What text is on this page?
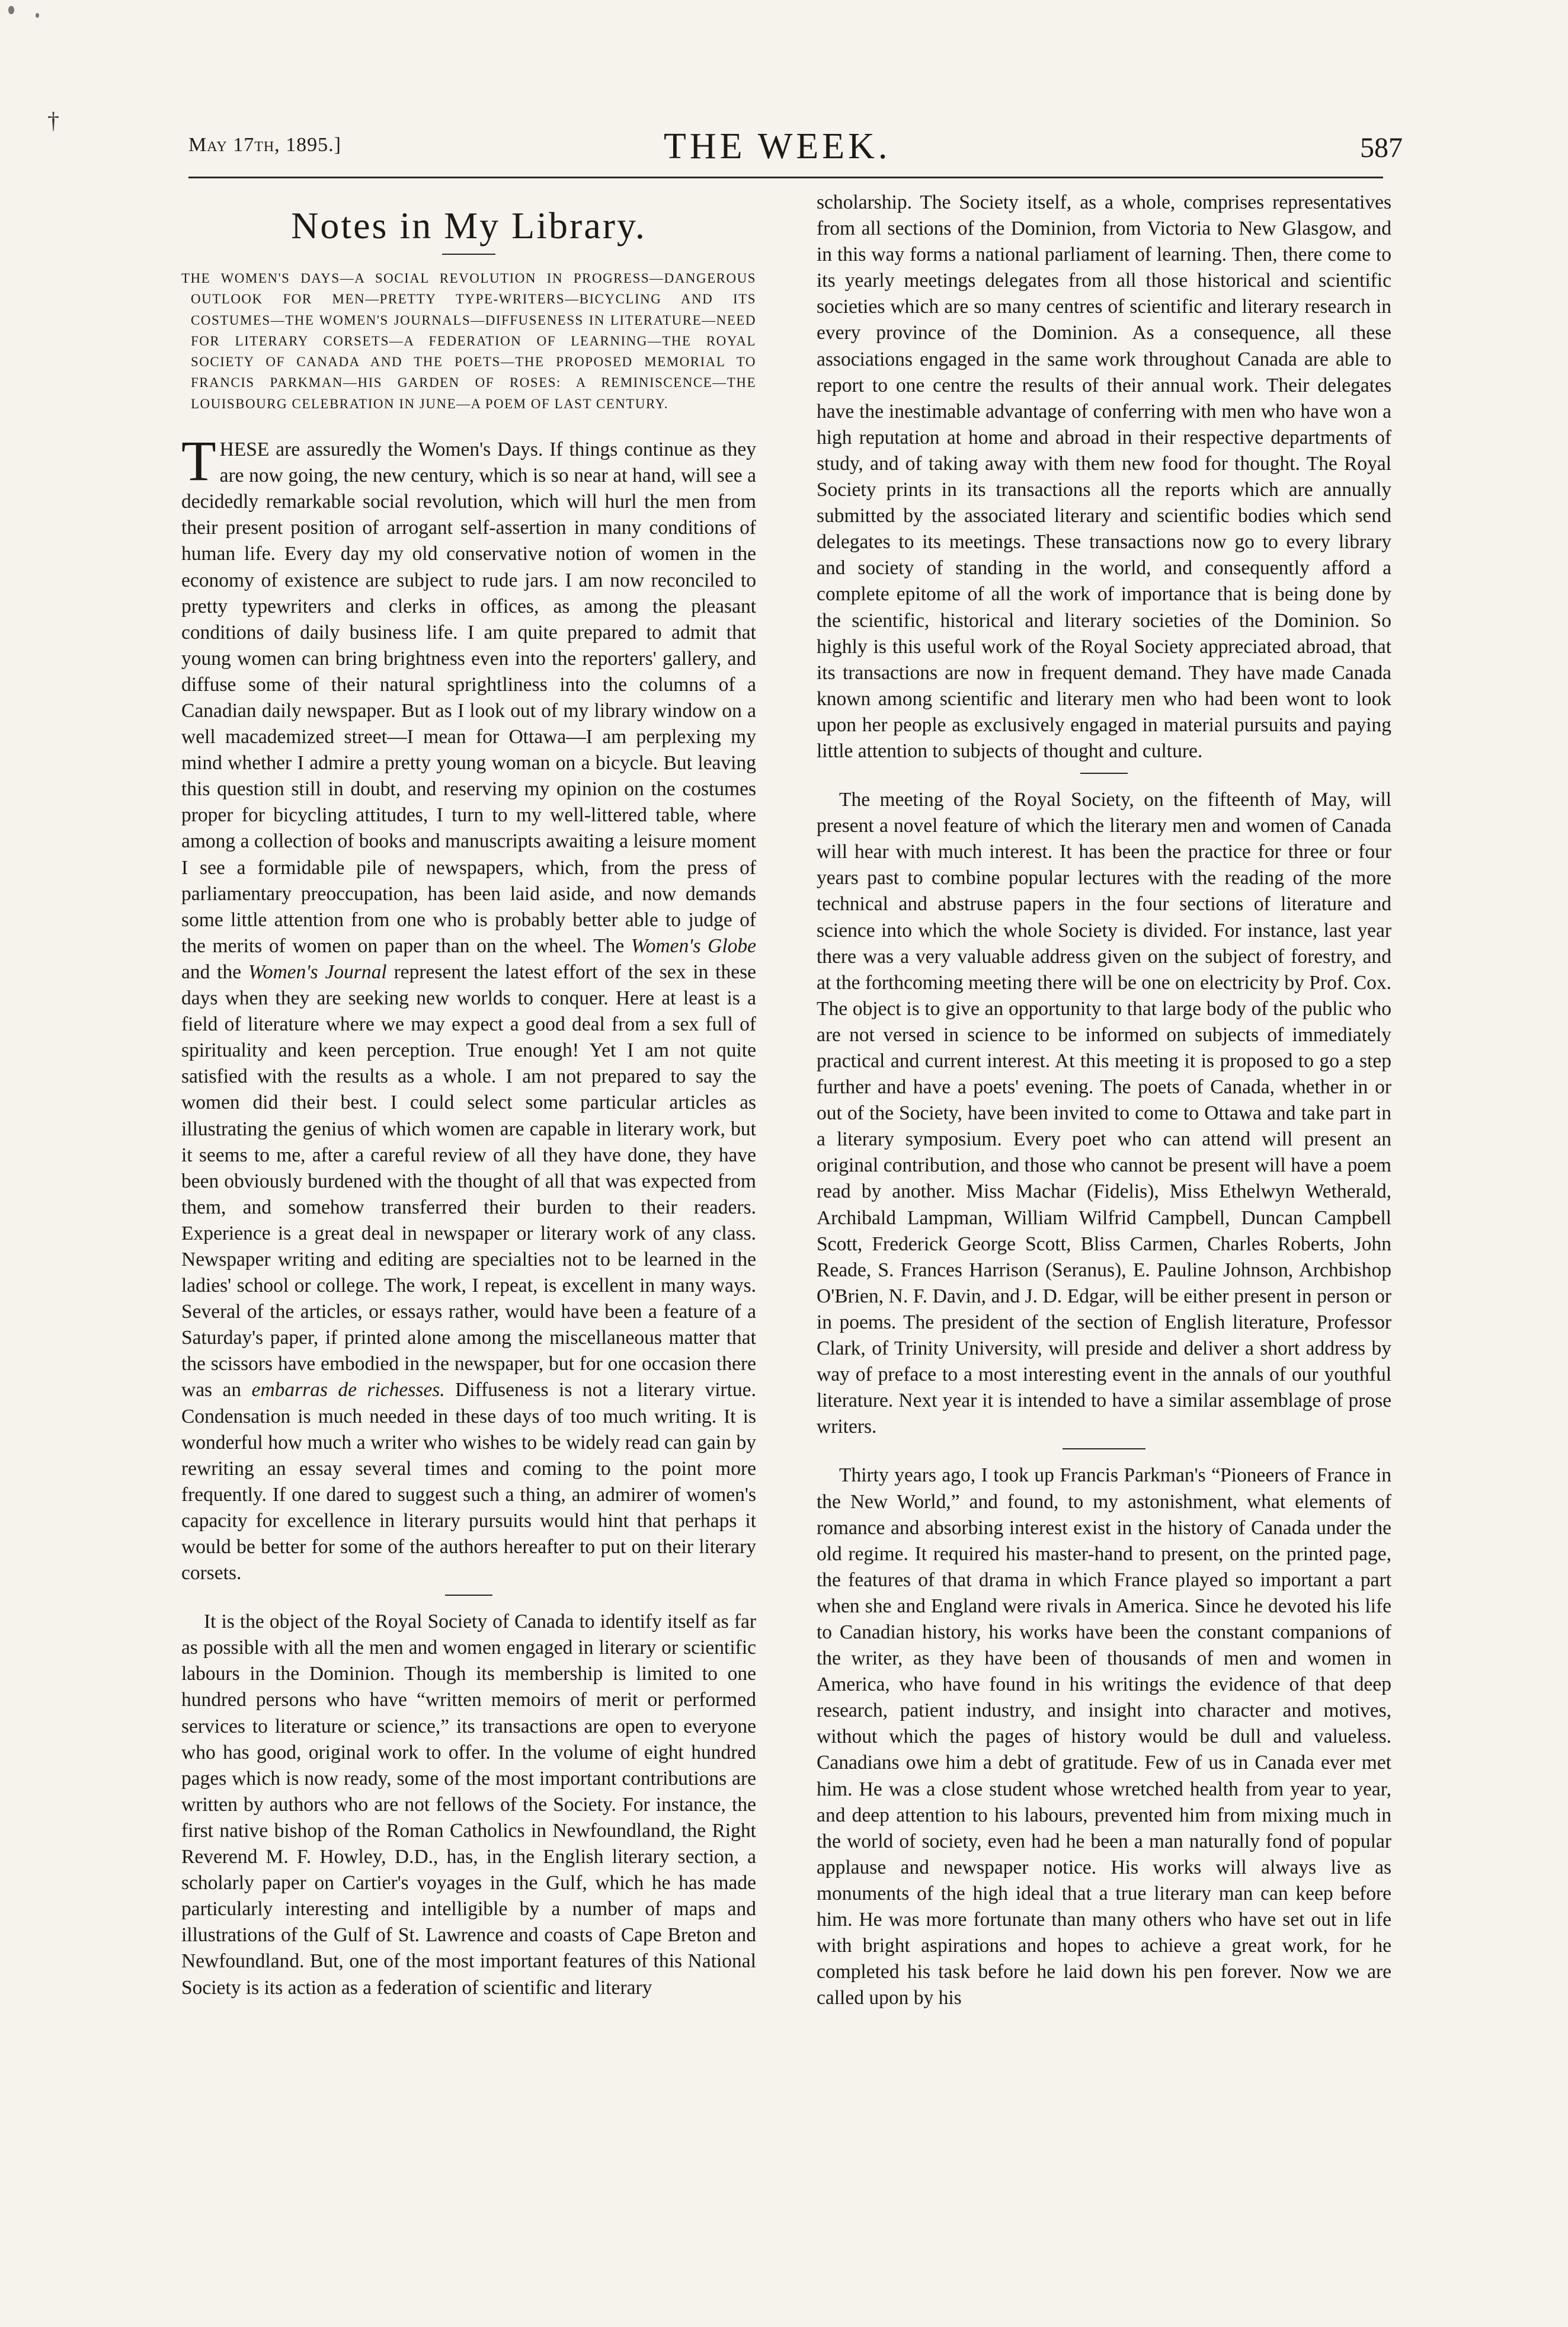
May 17th, 1895.]	THE WEEK.	587
†
Notes in My Library.
THE WOMEN'S DAYS—A SOCIAL REVOLUTION IN PROGRESS—DANGEROUS OUTLOOK FOR MEN—PRETTY TYPE-WRITERS—BICYCLING AND ITS COSTUMES—THE WOMEN'S JOURNALS—DIFFUSENESS IN LITERATURE—NEED FOR LITERARY CORSETS—A FEDERATION OF LEARNING—THE ROYAL SOCIETY OF CANADA AND THE POETS—THE PROPOSED MEMORIAL TO FRANCIS PARKMAN—HIS GARDEN OF ROSES: A REMINISCENCE—THE LOUISBOURG CELEBRATION IN JUNE—A POEM OF LAST CENTURY.

THESE are assuredly the Women's Days. If things continue as they are now going, the new century, which is so near at hand, will see a decidedly remarkable social revolution, which will hurl the men from their present position of arrogant self-assertion in many conditions of human life. Every day my old conservative notion of women in the economy of existence are subject to rude jars. I am now reconciled to pretty typewriters and clerks in offices, as among the pleasant conditions of daily business life. I am quite prepared to admit that young women can bring brightness even into the reporters' gallery, and diffuse some of their natural sprightliness into the columns of a Canadian daily newspaper. But as I look out of my library window on a well macademized street—I mean for Ottawa—I am perplexing my mind whether I admire a pretty young woman on a bicycle. But leaving this question still in doubt, and reserving my opinion on the costumes proper for bicycling attitudes, I turn to my well-littered table, where among a collection of books and manuscripts awaiting a leisure moment I see a formidable pile of newspapers, which, from the press of parliamentary preoccupation, has been laid aside, and now demands some little attention from one who is probably better able to judge of the merits of women on paper than on the wheel. The Women's Globe and the Women's Journal represent the latest effort of the sex in these days when they are seeking new worlds to conquer. Here at least is a field of literature where we may expect a good deal from a sex full of spirituality and keen perception. True enough! Yet I am not quite satisfied with the results as a whole. I am not prepared to say the women did their best. I could select some particular articles as illustrating the genius of which women are capable in literary work, but it seems to me, after a careful review of all they have done, they have been obviously burdened with the thought of all that was expected from them, and somehow transferred their burden to their readers. Experience is a great deal in newspaper or literary work of any class. Newspaper writing and editing are specialties not to be learned in the ladies' school or college. The work, I repeat, is excellent in many ways. Several of the articles, or essays rather, would have been a feature of a Saturday's paper, if printed alone among the miscellaneous matter that the scissors have embodied in the newspaper, but for one occasion there was an embarras de richesses. Diffuseness is not a literary virtue. Condensation is much needed in these days of too much writing. It is wonderful how much a writer who wishes to be widely read can gain by rewriting an essay several times and coming to the point more frequently. If one dared to suggest such a thing, an admirer of women's capacity for excellence in literary pursuits would hint that perhaps it would be better for some of the authors hereafter to put on their literary corsets.

It is the object of the Royal Society of Canada to identify itself as far as possible with all the men and women engaged in literary or scientific labours in the Dominion. Though its membership is limited to one hundred persons who have “written memoirs of merit or performed services to literature or science,” its transactions are open to everyone who has good, original work to offer. In the volume of eight hundred pages which is now ready, some of the most important contributions are written by authors who are not fellows of the Society. For instance, the first native bishop of the Roman Catholics in Newfoundland, the Right Reverend M. F. Howley, D.D., has, in the English literary section, a scholarly paper on Cartier's voyages in the Gulf, which he has made particularly interesting and intelligible by a number of maps and illustrations of the Gulf of St. Lawrence and coasts of Cape Breton and Newfoundland. But, one of the most important features of this National Society is its action as a federation of scientific and literary

scholarship. The Society itself, as a whole, comprises representatives from all sections of the Dominion, from Victoria to New Glasgow, and in this way forms a national parliament of learning. Then, there come to its yearly meetings delegates from all those historical and scientific societies which are so many centres of scientific and literary research in every province of the Dominion. As a consequence, all these associations engaged in the same work throughout Canada are able to report to one centre the results of their annual work. Their delegates have the inestimable advantage of conferring with men who have won a high reputation at home and abroad in their respective departments of study, and of taking away with them new food for thought. The Royal Society prints in its transactions all the reports which are annually submitted by the associated literary and scientific bodies which send delegates to its meetings. These transactions now go to every library and society of standing in the world, and consequently afford a complete epitome of all the work of importance that is being done by the scientific, historical and literary societies of the Dominion. So highly is this useful work of the Royal Society appreciated abroad, that its transactions are now in frequent demand. They have made Canada known among scientific and literary men who had been wont to look upon her people as exclusively engaged in material pursuits and paying little attention to subjects of thought and culture.

The meeting of the Royal Society, on the fifteenth of May, will present a novel feature of which the literary men and women of Canada will hear with much interest. It has been the practice for three or four years past to combine popular lectures with the reading of the more technical and abstruse papers in the four sections of literature and science into which the whole Society is divided. For instance, last year there was a very valuable address given on the subject of forestry, and at the forthcoming meeting there will be one on electricity by Prof. Cox. The object is to give an opportunity to that large body of the public who are not versed in science to be informed on subjects of immediately practical and current interest. At this meeting it is proposed to go a step further and have a poets' evening. The poets of Canada, whether in or out of the Society, have been invited to come to Ottawa and take part in a literary symposium. Every poet who can attend will present an original contribution, and those who cannot be present will have a poem read by another. Miss Machar (Fidelis), Miss Ethelwyn Wetherald, Archibald Lampman, William Wilfrid Campbell, Duncan Campbell Scott, Frederick George Scott, Bliss Carmen, Charles Roberts, John Reade, S. Frances Harrison (Seranus), E. Pauline Johnson, Archbishop O'Brien, N. F. Davin, and J. D. Edgar, will be either present in person or in poems. The president of the section of English literature, Professor Clark, of Trinity University, will preside and deliver a short address by way of preface to a most interesting event in the annals of our youthful literature. Next year it is intended to have a similar assemblage of prose writers.

Thirty years ago, I took up Francis Parkman's “Pioneers of France in the New World,” and found, to my astonishment, what elements of romance and absorbing interest exist in the history of Canada under the old regime. It required his master-hand to present, on the printed page, the features of that drama in which France played so important a part when she and England were rivals in America. Since he devoted his life to Canadian history, his works have been the constant companions of the writer, as they have been of thousands of men and women in America, who have found in his writings the evidence of that deep research, patient industry, and insight into character and motives, without which the pages of history would be dull and valueless. Canadians owe him a debt of gratitude. Few of us in Canada ever met him. He was a close student whose wretched health from year to year, and deep attention to his labours, prevented him from mixing much in the world of society, even had he been a man naturally fond of popular applause and newspaper notice. His works will always live as monuments of the high ideal that a true literary man can keep before him. He was more fortunate than many others who have set out in life with bright aspirations and hopes to achieve a great work, for he completed his task before he laid down his pen forever. Now we are called upon by his
